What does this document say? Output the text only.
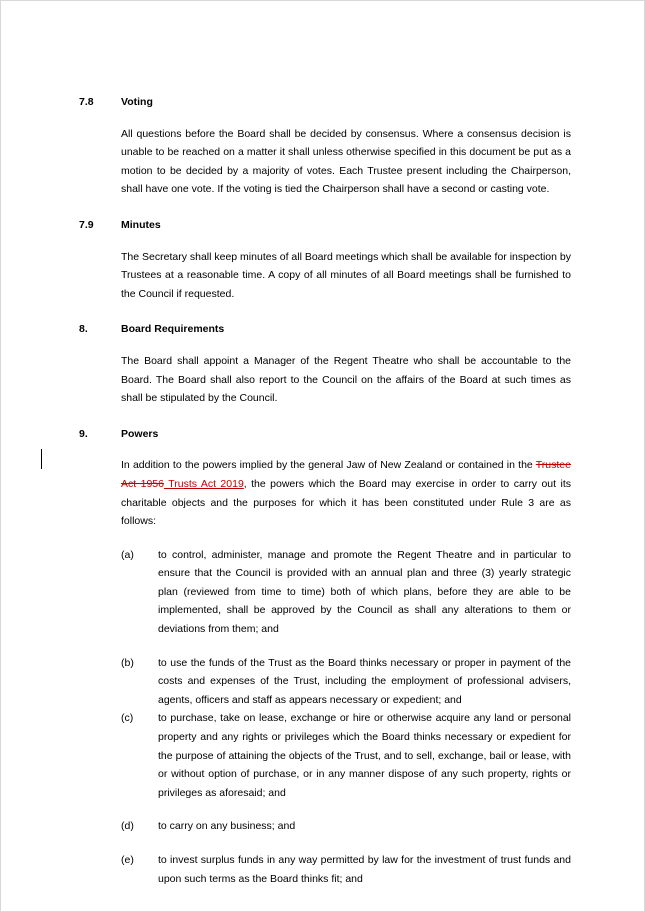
7.8	Voting
All questions before the Board shall be decided by consensus. Where a consensus decision is unable to be reached on a matter it shall unless otherwise specified in this document be put as a motion to be decided by a majority of votes. Each Trustee present including the Chairperson, shall have one vote. If the voting is tied the Chairperson shall have a second or casting vote.
7.9	Minutes
The Secretary shall keep minutes of all Board meetings which shall be available for inspection by Trustees at a reasonable time. A copy of all minutes of all Board meetings shall be furnished to the Council if requested.
8.	Board Requirements
The Board shall appoint a Manager of the Regent Theatre who shall be accountable to the Board. The Board shall also report to the Council on the affairs of the Board at such times as shall be stipulated by the Council.
9.	Powers
In addition to the powers implied by the general Jaw of New Zealand or contained in the Trustee Act 1956 Trusts Act 2019, the powers which the Board may exercise in order to carry out its charitable objects and the purposes for which it has been constituted under Rule 3 are as follows:
(a)	to control, administer, manage and promote the Regent Theatre and in particular to ensure that the Council is provided with an annual plan and three (3) yearly strategic plan (reviewed from time to time) both of which plans, before they are able to be implemented, shall be approved by the Council as shall any alterations to them or deviations from them; and
(b)	to use the funds of the Trust as the Board thinks necessary or proper in payment of the costs and expenses of the Trust, including the employment of professional advisers, agents, officers and staff as appears necessary or expedient; and
(c)	to purchase, take on lease, exchange or hire or otherwise acquire any land or personal property and any rights or privileges which the Board thinks necessary or expedient for the purpose of attaining the objects of the Trust, and to sell, exchange, bail or lease, with or without option of purchase, or in any manner dispose of any such property, rights or privileges as aforesaid; and
(d)	to carry on any business; and
(e)	to invest surplus funds in any way permitted by law for the investment of trust funds and upon such terms as the Board thinks fit; and
